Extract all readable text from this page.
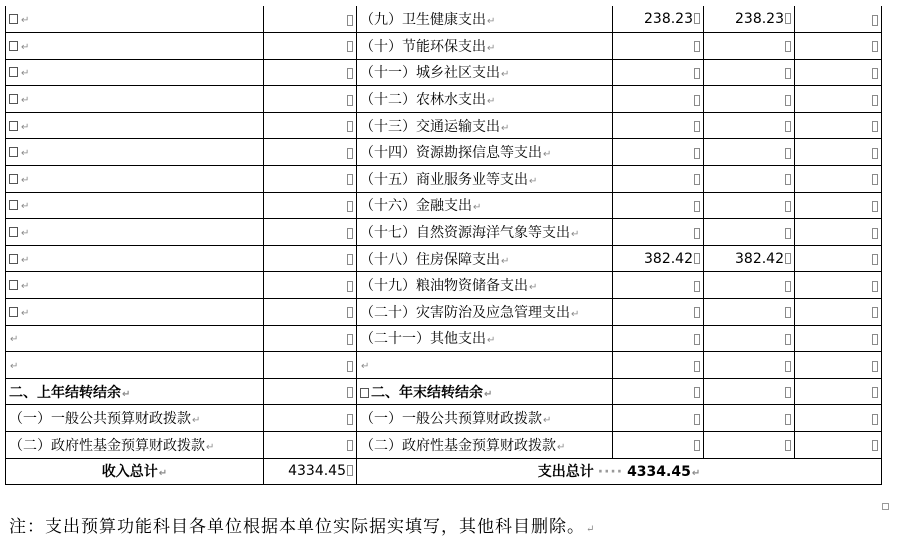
↵		（九）卫生健康支出↵	238.23	238.23	

↵		（十）节能环保支出↵	

↵		（十一）城乡社区支出↵	

↵		（十二）农林水支出↵	

↵		（十三）交通运输支出↵	

↵		（十四）资源勘探信息等支出↵	

↵		（十五）商业服务业等支出↵	

↵		（十六）金融支出↵	

↵		（十七）自然资源海洋气象等支出↵	

↵		（十八）住房保障支出↵	382.42	382.42	

↵		（十九）粮油物资储备支出↵	

↵		（二十）灾害防治及应急管理支出↵	

↵		（二十一）其他支出↵	

↵		↵	

二、上年结转结余↵		二、年末结转结余↵	

（一）一般公共预算财政拨款↵		（一）一般公共预算财政拨款↵	

（二）政府性基金预算财政拨款↵		（二）政府性基金预算财政拨款↵	

收入总计↵	4334.45	支出总计 ···· 4334.45↵			
注：支出预算功能科目各单位根据本单位实际据实填写，其他科目删除。↵
